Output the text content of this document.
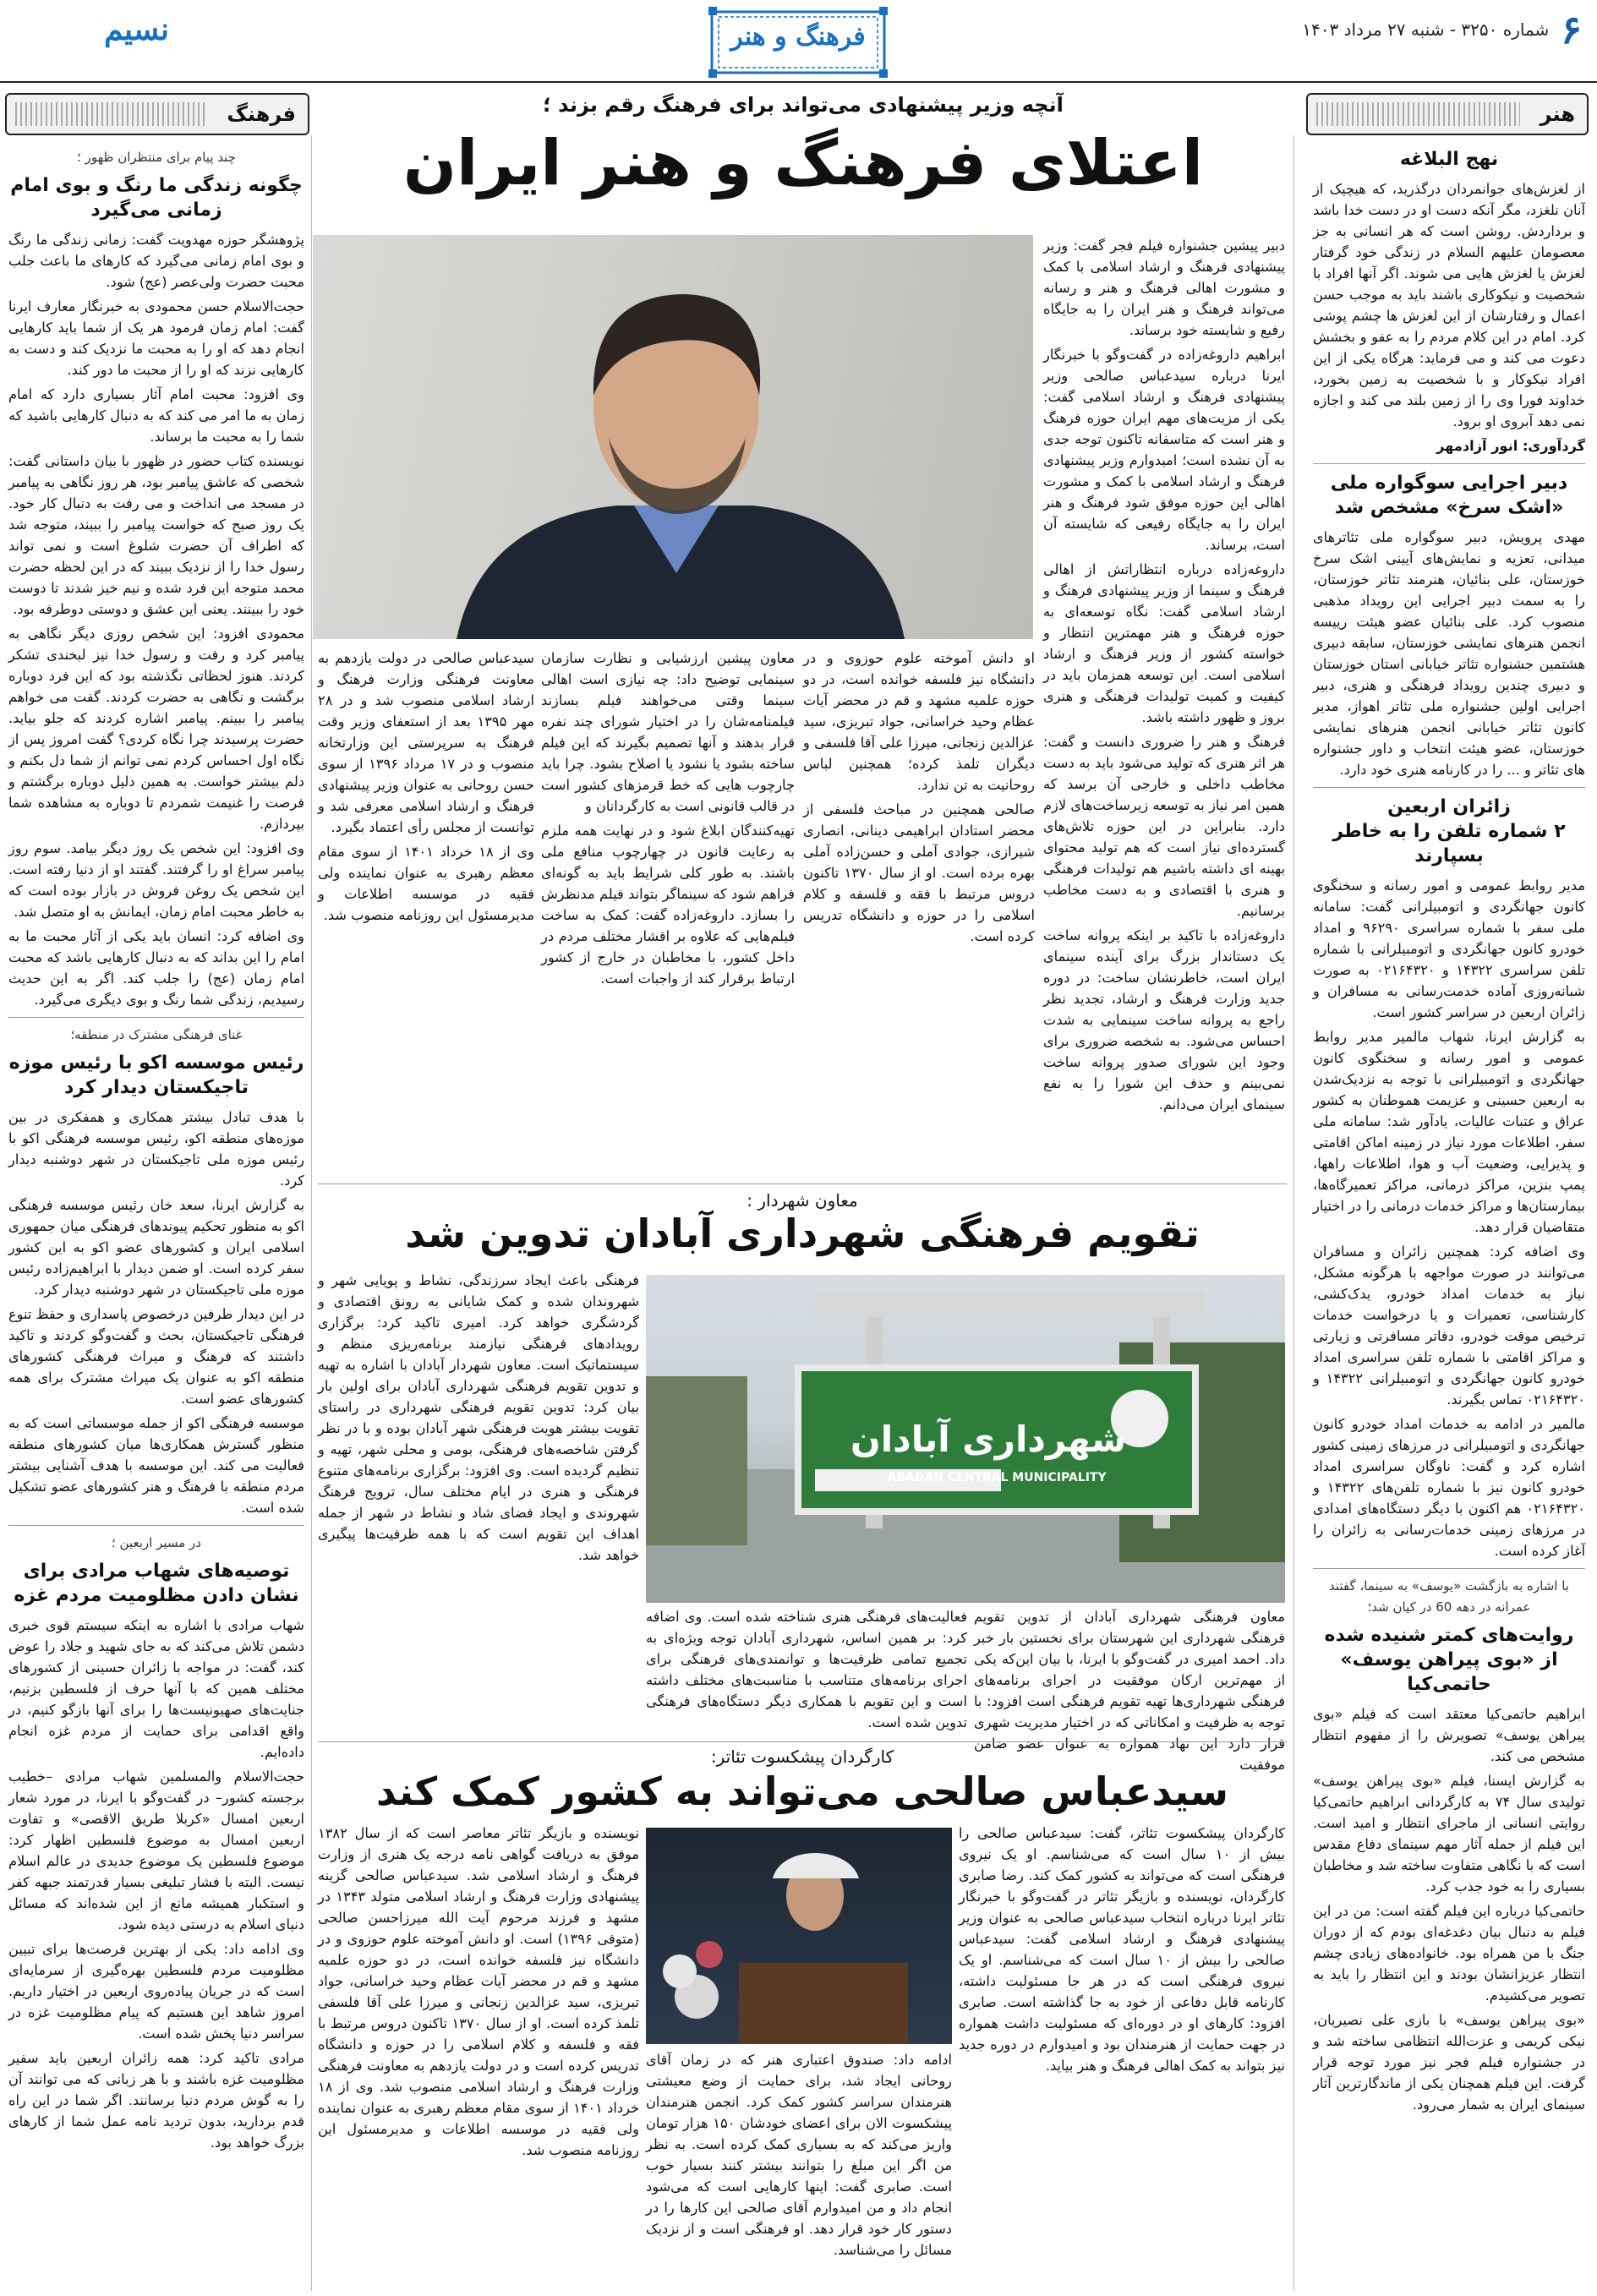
۶
شماره ۳۲۵۰ - شنبه ۲۷ مرداد ۱۴۰۳
نسیم	فرهنگ و هنر
هنر
فرهنگ
نهج البلاغه

از لغزش‌های جوانمردان درگذرید، که هیچیک از آنان نلغزد، مگر آنکه دست او در دست خدا باشد و برداردش. روشن است که هر انسانی به جز معصومان علیهم السلام در زندگی خود گرفتار لغزش یا لغزش هایی می شوند. اگر آنها افراد با شخصیت و نیکوکاری باشند باید به موجب حسن اعمال و رفتارشان از این لغزش ها چشم پوشی کرد. امام در این کلام مردم را به عفو و بخشش دعوت می کند و می فرماید: هرگاه یکی از این افراد نیکوکار و با شخصیت به زمین بخورد، خداوند فورا وی را از زمین بلند می کند و اجازه نمی دهد آبروی او برود.

گردآوری: انور آزادمهر

دبیر اجرایی سوگواره ملی «اشک سرخ» مشخص شد

مهدی پرویش، دبیر سوگواره ملی تئاترهای میدانی، تعزیه و نمایش‌های آیینی اشک سرخ خوزستان، علی بنائیان، هنرمند تئاتر خوزستان، را به سمت دبیر اجرایی این رویداد مذهبی منصوب کرد. علی بنائیان عضو هیئت رییسه انجمن هنرهای نمایشی خوزستان، سابقه دبیری هشتمین جشنواره تئاتر خیابانی استان خوزستان و دبیری چندین رویداد فرهنگی و هنری، دبیر اجرایی اولین جشنواره ملی تئاتر اهواز، مدیر کانون تئاتر خیابانی انجمن هنرهای نمایشی خوزستان، عضو هیئت انتخاب و داور جشنواره های تئاتر و ... را در کارنامه هنری خود دارد.

زائران اربعین
۲ شماره تلفن را به خاطر بسپارند

مدیر روابط عمومی و امور رسانه و سخنگوی کانون جهانگردی و اتومبیلرانی گفت: سامانه ملی سفر با شماره سراسری ۹۶۲۹۰ و امداد خودرو کانون جهانگردی و اتومبیلرانی با شماره تلفن سراسری ۱۴۳۲۲ و ۰۲۱۶۴۳۲۰ به صورت شبانه‌روزی آماده خدمت‌رسانی به مسافران و زائران اربعین در سراسر کشور است.

به گزارش ایرنا، شهاب مالمیر مدیر روابط عمومی و امور رسانه و سخنگوی کانون جهانگردی و اتومبیلرانی با توجه به نزدیک‌شدن به اربعین حسینی و عزیمت هموطنان به کشور عراق و عتبات عالیات، یادآور شد: سامانه ملی سفر، اطلاعات مورد نیاز در زمینه اماکن اقامتی و پذیرایی، وضعیت آب و هوا، اطلاعات راهها، پمپ بنزین، مراکز درمانی، مراکز تعمیرگاه‌ها، بیمارستان‌ها و مراکز خدمات درمانی را در اختیار متقاضیان قرار دهد.

وی اضافه کرد: همچنین زائران و مسافران می‌توانند در صورت مواجهه با هرگونه مشکل، نیاز به خدمات امداد خودرو، یدک‌کشی، کارشناسی، تعمیرات و یا درخواست خدمات ترخیص موقت خودرو، دفاتر مسافرتی و زیارتی و مراکز اقامتی با شماره تلفن سراسری امداد خودرو کانون جهانگردی و اتومبیلرانی ۱۴۳۲۲ و ۰۲۱۶۴۳۲۰ تماس بگیرند.

مالمیر در ادامه به خدمات امداد خودرو کانون جهانگردی و اتومبیلرانی در مرزهای زمینی کشور اشاره کرد و گفت: ناوگان سراسری امداد خودرو کانون نیز با شماره تلفن‌های ۱۴۳۲۲ و ۰۲۱۶۴۳۲۰ هم اکنون با دیگر دستگاه‌های امدادی در مرزهای زمینی خدمات‌رسانی به زائران را آغاز کرده است.

با اشاره به بازگشت «یوسف» به سینما، گفتند عمرانه در دهه 60 در کیان شد؛
روایت‌های کمتر شنیده شده از «بوی پیراهن یوسف» حاتمی‌کیا

ابراهیم حاتمی‌کیا معتقد است که فیلم «بوی پیراهن یوسف» تصویرش را از مفهوم انتظار مشخص می کند.

به گزارش ایسنا، فیلم «بوی پیراهن یوسف» تولیدی سال ۷۴ به کارگردانی ابراهیم حاتمی‌کیا روایتی انسانی از ماجرای انتظار و امید است. این فیلم از جمله آثار مهم سینمای دفاع مقدس است که با نگاهی متفاوت ساخته شد و مخاطبان بسیاری را به خود جذب کرد.

حاتمی‌کیا درباره این فیلم گفته است: من در این فیلم به دنبال بیان دغدغه‌ای بودم که از دوران جنگ با من همراه بود. خانواده‌های زیادی چشم انتظار عزیزانشان بودند و این انتظار را باید به تصویر می‌کشیدم.

«بوی پیراهن یوسف» با بازی علی نصیریان، نیکی کریمی و عزت‌الله انتظامی ساخته شد و در جشنواره فیلم فجر نیز مورد توجه قرار گرفت. این فیلم همچنان یکی از ماندگارترین آثار سینمای ایران به شمار می‌رود.

چند پیام برای منتظران ظهور ؛
چگونه زندگی ما رنگ و بوی امام زمانی می‌گیرد

پژوهشگر حوزه مهدویت گفت: زمانی زندگی ما رنگ و بوی امام زمانی می‌گیرد که کارهای ما باعث جلب محبت حضرت ولی‌عصر (عج) شود.

حجت‌الاسلام حسن محمودی به خبرنگار معارف ایرنا گفت: امام زمان فرمود هر یک از شما باید کارهایی انجام دهد که او را به محبت ما نزدیک کند و دست به کارهایی نزند که او را از محبت ما دور کند.

وی افزود: محبت امام آثار بسیاری دارد که امام زمان به ما امر می کند که به دنبال کارهایی باشید که شما را به محبت ما برساند.

نویسنده کتاب حضور در ظهور با بیان داستانی گفت: شخصی که عاشق پیامبر بود، هر روز نگاهی به پیامبر در مسجد می انداخت و می رفت به دنبال کار خود. یک روز صبح که خواست پیامبر را ببیند، متوجه شد که اطراف آن حضرت شلوغ است و نمی تواند رسول خدا را از نزدیک ببیند که در این لحظه حضرت محمد متوجه این فرد شده و نیم خیز شدند تا دوست خود را ببینند. یعنی این عشق و دوستی دوطرفه بود.

محمودی افزود: این شخص روزی دیگر نگاهی به پیامبر کرد و رفت و رسول خدا نیز لبخندی تشکر کردند. هنوز لحظاتی نگذشته بود که این فرد دوباره برگشت و نگاهی به حضرت کردند. گفت می خواهم پیامبر را ببینم. پیامبر اشاره کردند که جلو بیاید. حضرت پرسیدند چرا نگاه کردی؟ گفت امروز پس از نگاه اول احساس کردم نمی توانم از شما دل بکنم و دلم بیشتر خواست. به همین دلیل دوباره برگشتم و فرصت را غنیمت شمردم تا دوباره به مشاهده شما بپردازم.

وی افزود: این شخص یک روز دیگر بیامد. سوم روز پیامبر سراغ او را گرفتند. گفتند او از دنیا رفته است. این شخص یک روغن فروش در بازار بوده است که به خاطر محبت امام زمان، ایمانش به او متصل شد.

وی اضافه کرد: انسان باید یکی از آثار محبت ما به امام را این بداند که به دنبال کارهایی باشد که محبت امام زمان (عج) را جلب کند. اگر به این حدیث رسیدیم، زندگی شما رنگ و بوی دیگری می‌گیرد.

غنای فرهنگی مشترک در منطقه؛
رئیس موسسه اکو با رئیس موزه تاجیکستان دیدار کرد

با هدف تبادل بیشتر همکاری و همفکری در بین موزه‌های منطقه اکو، رئیس موسسه فرهنگی اکو با رئیس موزه ملی تاجیکستان در شهر دوشنبه دیدار کرد.

به گزارش ایرنا، سعد خان رئیس موسسه فرهنگی اکو به منظور تحکیم پیوندهای فرهنگی میان جمهوری اسلامی ایران و کشورهای عضو اکو به این کشور سفر کرده است. او ضمن دیدار با ابراهیم‌زاده رئیس موزه ملی تاجیکستان در شهر دوشنبه دیدار کرد.

در این دیدار طرفین درخصوص پاسداری و حفظ تنوع فرهنگی تاجیکستان، بحث و گفت‌وگو کردند و تاکید داشتند که فرهنگ و میراث فرهنگی کشورهای منطقه اکو به عنوان یک میراث مشترک برای همه کشورهای عضو است.

موسسه فرهنگی اکو از جمله موسساتی است که به منظور گسترش همکاری‌ها میان کشورهای منطقه فعالیت می کند. این موسسه با هدف آشنایی بیشتر مردم منطقه با فرهنگ و هنر کشورهای عضو تشکیل شده است.

در مسیر اربعین ؛
توصیه‌های شهاب مرادی برای نشان دادن مظلومیت مردم غزه

شهاب مرادی با اشاره به اینکه سیستم قوی خبری دشمن تلاش می‌کند که به جای شهید و جلاد را عوض کند، گفت: در مواجه با زائران حسینی از کشورهای مختلف همین که با آنها حرف از فلسطین بزنیم، جنایت‌های صهیونیست‌ها را برای آنها بازگو کنیم، در واقع اقدامی برای حمایت از مردم غزه انجام داده‌ایم.

حجت‌الاسلام والمسلمین شهاب مرادی –خطیب برجسته کشور– در گفت‌وگو با ایرنا، در مورد شعار اربعین امسال «کربلا طریق الاقصی» و تفاوت اربعین امسال به موضوع فلسطین اظهار کرد: موضوع فلسطین یک موضوع جدیدی در عالم اسلام نیست. البته با فشار تبلیغی بسیار قدرتمند جبهه کفر و استکبار همیشه مانع از این شده‌اند که مسائل دنیای اسلام به درستی دیده شود.

وی ادامه داد: یکی از بهترین فرصت‌ها برای تبیین مظلومیت مردم فلسطین بهره‌گیری از سرمایه‌ای است که در جریان پیاده‌روی اربعین در اختیار داریم. امروز شاهد این هستیم که پیام مظلومیت غزه در سراسر دنیا پخش شده است.

مرادی تاکید کرد: همه زائران اربعین باید سفیر مظلومیت غزه باشند و با هر زبانی که می توانند آن را به گوش مردم دنیا برسانند. اگر شما در این راه قدم بردارید، بدون تردید نامه عمل شما از کارهای بزرگ خواهد بود.

آنچه وزیر پیشنهادی می‌تواند برای فرهنگ رقم بزند ؛
اعتلای فرهنگ و هنر ایران

دبیر پیشین جشنواره فیلم فجر گفت: وزیر پیشنهادی فرهنگ و ارشاد اسلامی با کمک و مشورت اهالی فرهنگ و هنر و رسانه می‌تواند فرهنگ و هنر ایران را به جایگاه رفیع و شایسته خود برساند.

ابراهیم داروغه‌زاده در گفت‌وگو با خبرنگار ایرنا درباره سیدعباس صالحی وزیر پیشنهادی فرهنگ و ارشاد اسلامی گفت: یکی از مزیت‌های مهم ایران حوزه فرهنگ و هنر است که متاسفانه تاکنون توجه جدی به آن نشده است؛ امیدوارم وزیر پیشنهادی فرهنگ و ارشاد اسلامی با کمک و مشورت اهالی این حوزه موفق شود فرهنگ و هنر ایران را به جایگاه رفیعی که شایسته آن است، برساند.

داروغه‌زاده درباره انتظاراتش از اهالی فرهنگ و سینما از وزیر پیشنهادی فرهنگ و ارشاد اسلامی گفت: نگاه توسعه‌ای به حوزه فرهنگ و هنر مهمترین انتظار و خواسته کشور از وزیر فرهنگ و ارشاد اسلامی است. این توسعه همزمان باید در کیفیت و کمیت تولیدات فرهنگی و هنری بروز و ظهور داشته باشد.

فرهنگ و هنر را ضروری دانست و گفت: هر اثر هنری که تولید می‌شود باید به دست مخاطب داخلی و خارجی آن برسد که همین امر نیاز به توسعه زیرساخت‌های لازم دارد. بنابراین در این حوزه تلاش‌های گسترده‌ای نیاز است که هم تولید محتوای بهینه ای داشته باشیم هم تولیدات فرهنگی و هنری با اقتصادی و به دست مخاطب برسانیم.

داروغه‌زاده با تاکید بر اینکه پروانه ساخت یک دستاندار بزرگ برای آینده سینمای ایران است، خاطرنشان ساخت: در دوره جدید وزارت فرهنگ و ارشاد، تجدید نظر راجع به پروانه ساخت سینمایی به شدت احساس می‌شود. به شخصه ضروری برای وجود این شورای صدور پروانه ساخت نمی‌بینم و حذف این شورا را به نفع سینمای ایران می‌دانم.

معاون پیشین ارزشیابی و نظارت سازمان سینمایی توضیح داد: چه نیازی است اهالی سینما وقتی می‌خواهند فیلم بسازند فیلمنامه‌شان را در اختیار شورای چند نفره قرار بدهند و آنها تصمیم بگیرند که این فیلم ساخته بشود یا نشود یا اصلاح بشود. چرا باید چارچوب هایی که خط قرمزهای کشور است در قالب قانونی است به کارگردانان و

تهیه‌کنندگان ابلاغ شود و در نهایت همه ملزم به رعایت قانون در چهارچوب منافع ملی باشند. به طور کلی شرایط باید به گونه‌ای فراهم شود که سینماگر بتواند فیلم مدنظرش را بسازد. داروغه‌زاده گفت: کمک به ساخت فیلم‌هایی که علاوه بر اقشار مختلف مردم در داخل کشور، با مخاطبان در خارج از کشور ارتباط برقرار کند از واجبات است.

او دانش آموخته علوم حوزوی و در دانشگاه نیز فلسفه خوانده است، در دو حوزه علمیه مشهد و قم در محضر آیات عظام وحید خراسانی، جواد تبریزی، سید عزالدین زنجانی، میرزا علی آقا فلسفی و دیگران تلمذ کرده؛ همچنین لباس روحانیت به تن ندارد.

صالحی همچنین در مباحث فلسفی از محضر استادان ابراهیمی دینانی، انصاری شیرازی، جوادی آملی و حسن‌زاده آملی بهره برده است. او از سال ۱۳۷۰ تاکنون دروس مرتبط با فقه و فلسفه و کلام اسلامی را در حوزه و دانشگاه تدریس کرده است.

سیدعباس صالحی در دولت یازدهم به معاونت فرهنگی وزارت فرهنگ و ارشاد اسلامی منصوب شد و در ۲۸ مهر ۱۳۹۵ بعد از استعفای وزیر وقت فرهنگ به سرپرستی این وزارتخانه منصوب و در ۱۷ مرداد ۱۳۹۶ از سوی حسن روحانی به عنوان وزیر پیشنهادی فرهنگ و ارشاد اسلامی معرفی شد و توانست از مجلس رأی اعتماد بگیرد.

وی از ۱۸ خرداد ۱۴۰۱ از سوی مقام معظم رهبری به عنوان نماینده ولی فقیه در موسسه اطلاعات و مدیرمسئول این روزنامه منصوب شد.

معاون شهردار :
تقویم فرهنگی شهرداری آبادان تدوین شد

فرهنگی باعث ایجاد سرزندگی، نشاط و پویایی شهر و شهروندان شده و کمک شایانی به رونق اقتصادی و گردشگری خواهد کرد. امیری تاکید کرد: برگزاری رویدادهای فرهنگی نیازمند برنامه‌ریزی منظم و سیستماتیک است. معاون شهردار آبادان با اشاره به تهیه و تدوین تقویم فرهنگی شهرداری آبادان برای اولین بار بیان کرد: تدوین تقویم فرهنگی شهرداری در راستای تقویت بیشتر هویت فرهنگی شهر آبادان بوده و با در نظر گرفتن شاخصه‌های فرهنگی، بومی و محلی شهر، تهیه و تنظیم گردیده است. وی افزود: برگزاری برنامه‌های متنوع فرهنگی و هنری در ایام مختلف سال، ترویج فرهنگ شهروندی و ایجاد فضای شاد و نشاط در شهر از جمله اهداف این تقویم است که با همه ظرفیت‌ها پیگیری خواهد شد.

شهرداری آبادان
ABADAN CENTRAL MUNICIPALITY

معاون فرهنگی شهرداری آبادان از تدوین تقویم فرهنگی شهرداری این شهرستان برای نخستین بار خبر داد. احمد امیری در گفت‌وگو با ایرنا، با بیان این‌که یکی از مهم‌ترین ارکان موفقیت در اجرای برنامه‌های فرهنگی شهرداری‌ها تهیه تقویم فرهنگی است افزود: با توجه به ظرفیت و امکاناتی که در اختیار مدیریت شهری قرار دارد این نهاد همواره به عنوان عضو ضامن موفقیت

فعالیت‌های فرهنگی هنری شناخته شده است. وی اضافه کرد: بر همین اساس، شهرداری آبادان توجه ویژه‌ای به تجمیع تمامی ظرفیت‌ها و توانمندی‌های فرهنگی برای اجرای برنامه‌های متناسب با مناسبت‌های مختلف داشته است و این تقویم با همکاری دیگر دستگاه‌های فرهنگی تدوین شده است.

کارگردان پیشکسوت تئاتر:
سیدعباس صالحی می‌تواند به کشور کمک کند

کارگردان پیشکسوت تئاتر، گفت: سیدعباس صالحی را بیش از ۱۰ سال است که می‌شناسم. او یک نیروی فرهنگی است که می‌تواند به کشور کمک کند. رضا صابری کارگردان، نویسنده و بازیگر تئاتر در گفت‌وگو با خبرنگار تئاتر ایرنا درباره انتخاب سیدعباس صالحی به عنوان وزیر پیشنهادی فرهنگ و ارشاد اسلامی گفت: سیدعباس صالحی را بیش از ۱۰ سال است که می‌شناسم. او یک نیروی فرهنگی است که در هر جا مسئولیت داشته، کارنامه قابل دفاعی از خود به جا گذاشته است. صابری افزود: کارهای او در دوره‌ای که مسئولیت داشت همواره در جهت حمایت از هنرمندان بود و امیدوارم در دوره جدید نیز بتواند به کمک اهالی فرهنگ و هنر بیاید.

ادامه داد: صندوق اعتباری هنر که در زمان آقای روحانی ایجاد شد، برای حمایت از وضع معیشتی هنرمندان سراسر کشور کمک کرد. انجمن هنرمندان پیشکسوت الان برای اعضای خودشان ۱۵۰ هزار تومان واریز می‌کند که به بسیاری کمک کرده است. به نظر من اگر این مبلغ را بتوانند بیشتر کنند بسیار خوب است. صابری گفت: اینها کارهایی است که می‌شود انجام داد و من امیدوارم آقای صالحی این کارها را در دستور کار خود قرار دهد. او فرهنگی است و از نزدیک مسائل را می‌شناسد.

نویسنده و بازیگر تئاتر معاصر است که از سال ۱۳۸۲ موفق به دریافت گواهی نامه درجه یک هنری از وزارت فرهنگ و ارشاد اسلامی شد. سیدعباس صالحی گزینه پیشنهادی وزارت فرهنگ و ارشاد اسلامی متولد ۱۳۴۳ در مشهد و فرزند مرحوم آیت الله میرزاحسن صالحی (متوفی ۱۳۹۶) است. او دانش آموخته علوم حوزوی و در دانشگاه نیز فلسفه خوانده است، در دو حوزه علمیه مشهد و قم در محضر آیات عظام وحید خراسانی، جواد تبریزی، سید عزالدین زنجانی و میرزا علی آقا فلسفی تلمذ کرده است. او از سال ۱۳۷۰ تاکنون دروس مرتبط با فقه و فلسفه و کلام اسلامی را در حوزه و دانشگاه تدریس کرده است و در دولت یازدهم به معاونت فرهنگی وزارت فرهنگ و ارشاد اسلامی منصوب شد. وی از ۱۸ خرداد ۱۴۰۱ از سوی مقام معظم رهبری به عنوان نماینده ولی فقیه در موسسه اطلاعات و مدیرمسئول این روزنامه منصوب شد.
